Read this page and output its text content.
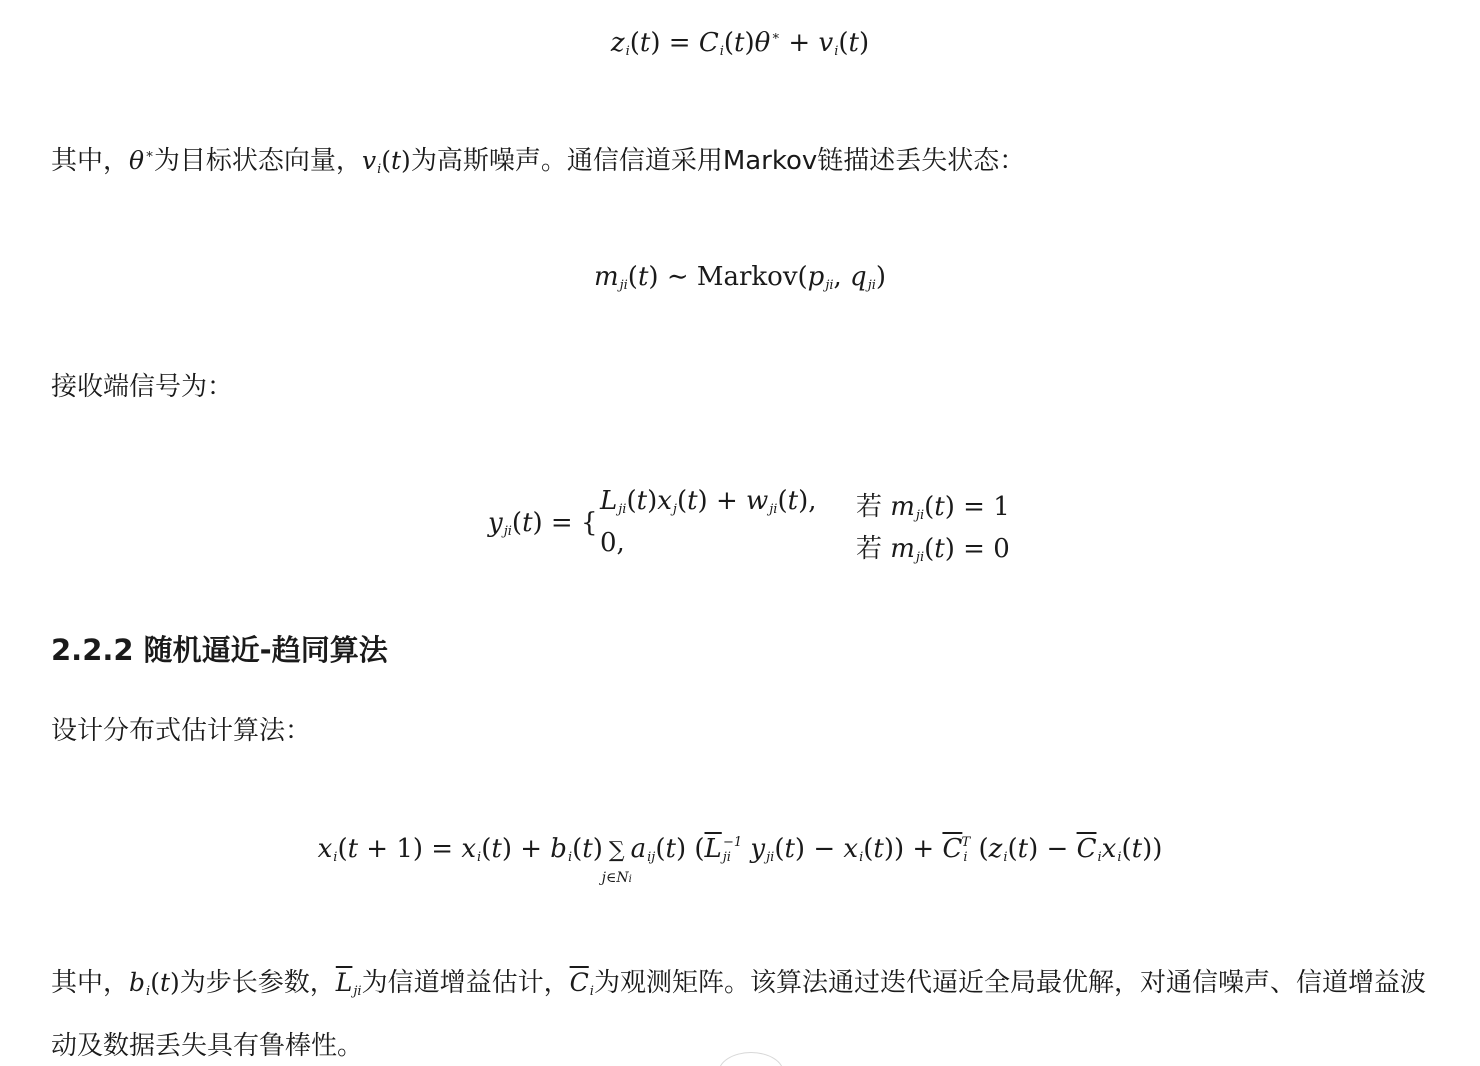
zi(t) = Ci(t)θ∗ + vi(t)
其中，θ∗为目标状态向量，vi(t)为高斯噪声。通信信道采用Markov链描述丢失状态：
mji(t) ∼ Markov(pji, qji)
接收端信号为：
yji(t) = {
Lji(t)xj(t) + wji(t), 若 mji(t) = 1
0,	若 mji(t) = 0
2.2.2 随机逼近-趋同算法
设计分布式估计算法：
xi(t + 1) = xi(t) + bi(t) ∑
j∈Ni
aij(t) ($\overline{L}ji^{-1}$ $yji(t) - xi(t)) + \overline{C}i^T$ $(zi(t) - \overline{C}ixi(t))$
其中，bi(t)为步长参数，$\overline{L}ji$为信道增益估计，$\overline{C}i$为观测矩阵。该算法通过迭代逼近全局最优解，对通信噪声、信道增益波动及数据丢失具有鲁棒性。
